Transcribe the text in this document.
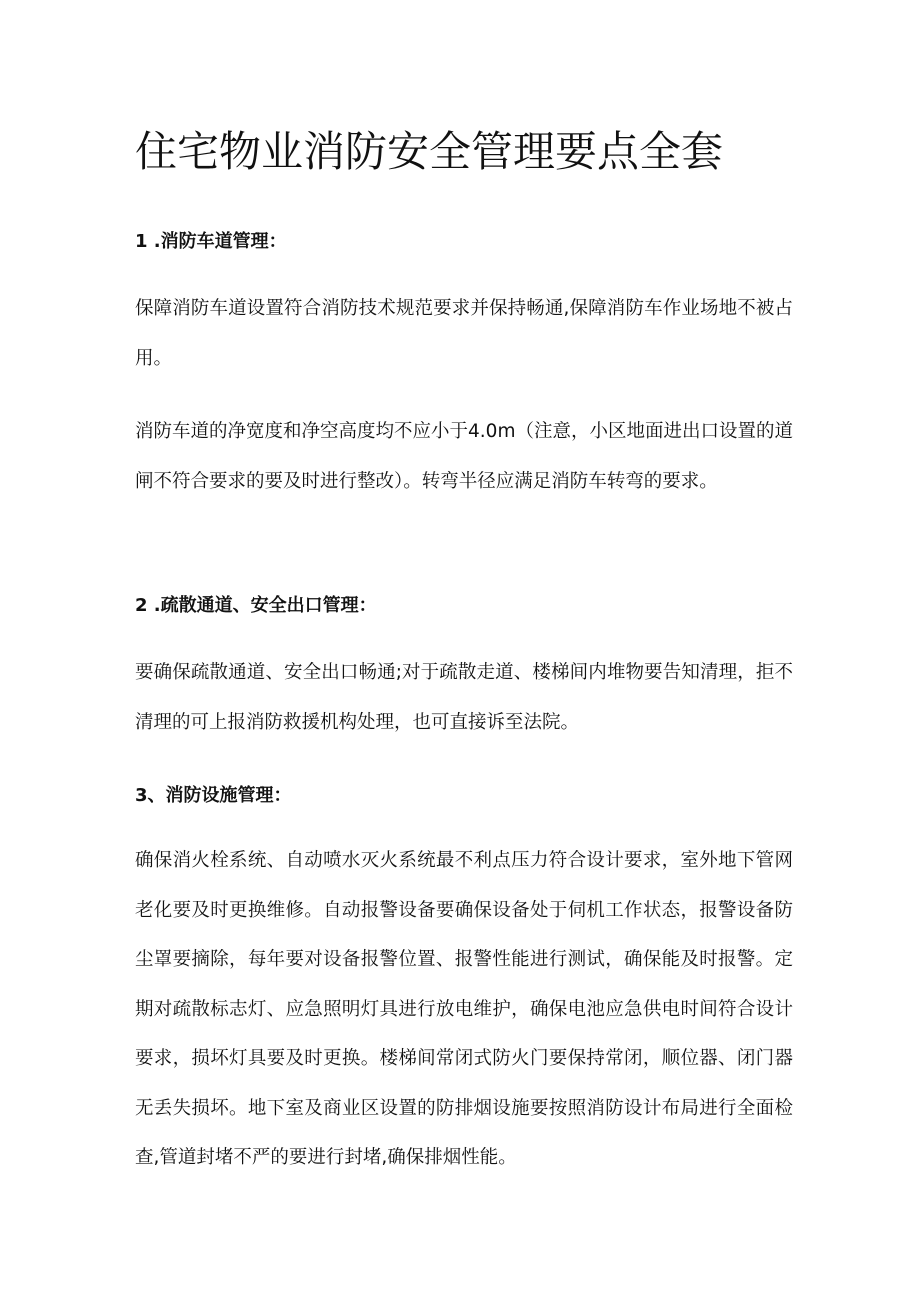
住宅物业消防安全管理要点全套
1 .消防车道管理：

保障消防车道设置符合消防技术规范要求并保持畅通,保障消防车作业场地不被占用。

消防车道的净宽度和净空高度均不应小于4.0m（注意，小区地面进出口设置的道闸不符合要求的要及时进行整改）。转弯半径应满足消防车转弯的要求。

2 .疏散通道、安全出口管理：

要确保疏散通道、安全出口畅通;对于疏散走道、楼梯间内堆物要告知清理，拒不清理的可上报消防救援机构处理，也可直接诉至法院。

3、消防设施管理：

确保消火栓系统、自动喷水灭火系统最不利点压力符合设计要求，室外地下管网老化要及时更换维修。自动报警设备要确保设备处于伺机工作状态，报警设备防尘罩要摘除，每年要对设备报警位置、报警性能进行测试，确保能及时报警。定期对疏散标志灯、应急照明灯具进行放电维护，确保电池应急供电时间符合设计要求，损坏灯具要及时更换。楼梯间常闭式防火门要保持常闭，顺位器、闭门器无丢失损坏。地下室及商业区设置的防排烟设施要按照消防设计布局进行全面检查,管道封堵不严的要进行封堵,确保排烟性能。
